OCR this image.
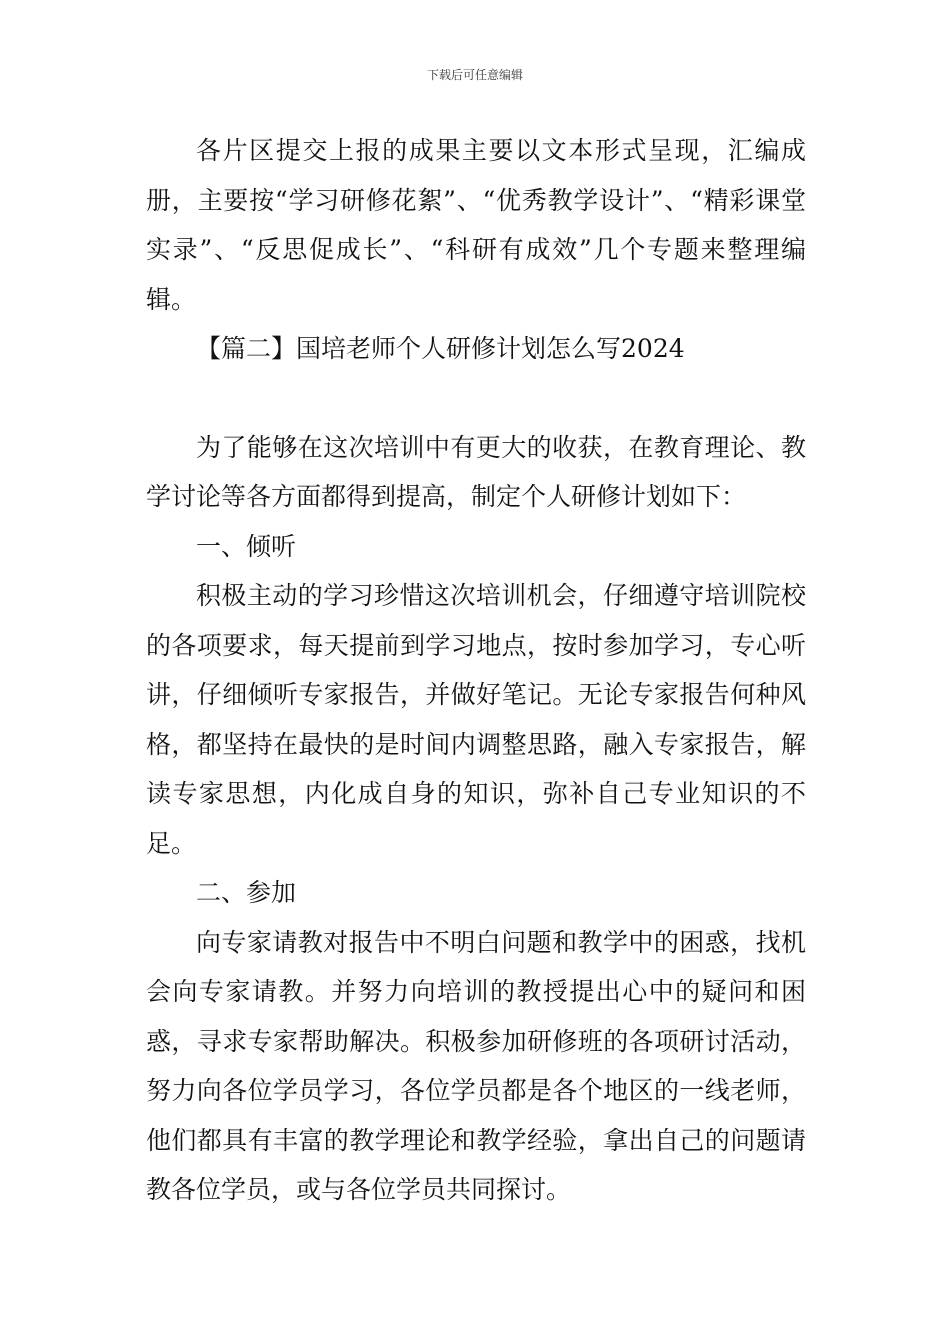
下载后可任意编辑

各片区提交上报的成果主要以文本形式呈现，汇编成册，主要按“学习研修花絮”、“优秀教学设计”、“精彩课堂实录”、“反思促成长”、“科研有成效”几个专题来整理编辑。

【篇二】国培老师个人研修计划怎么写2024

为了能够在这次培训中有更大的收获，在教育理论、教学讨论等各方面都得到提高，制定个人研修计划如下：

一、倾听

积极主动的学习珍惜这次培训机会，仔细遵守培训院校的各项要求，每天提前到学习地点，按时参加学习，专心听讲，仔细倾听专家报告，并做好笔记。无论专家报告何种风格，都坚持在最快的是时间内调整思路，融入专家报告，解读专家思想，内化成自身的知识，弥补自己专业知识的不足。

二、参加

向专家请教对报告中不明白问题和教学中的困惑，找机会向专家请教。并努力向培训的教授提出心中的疑问和困惑，寻求专家帮助解决。积极参加研修班的各项研讨活动，努力向各位学员学习，各位学员都是各个地区的一线老师，他们都具有丰富的教学理论和教学经验，拿出自己的问题请教各位学员，或与各位学员共同探讨。
